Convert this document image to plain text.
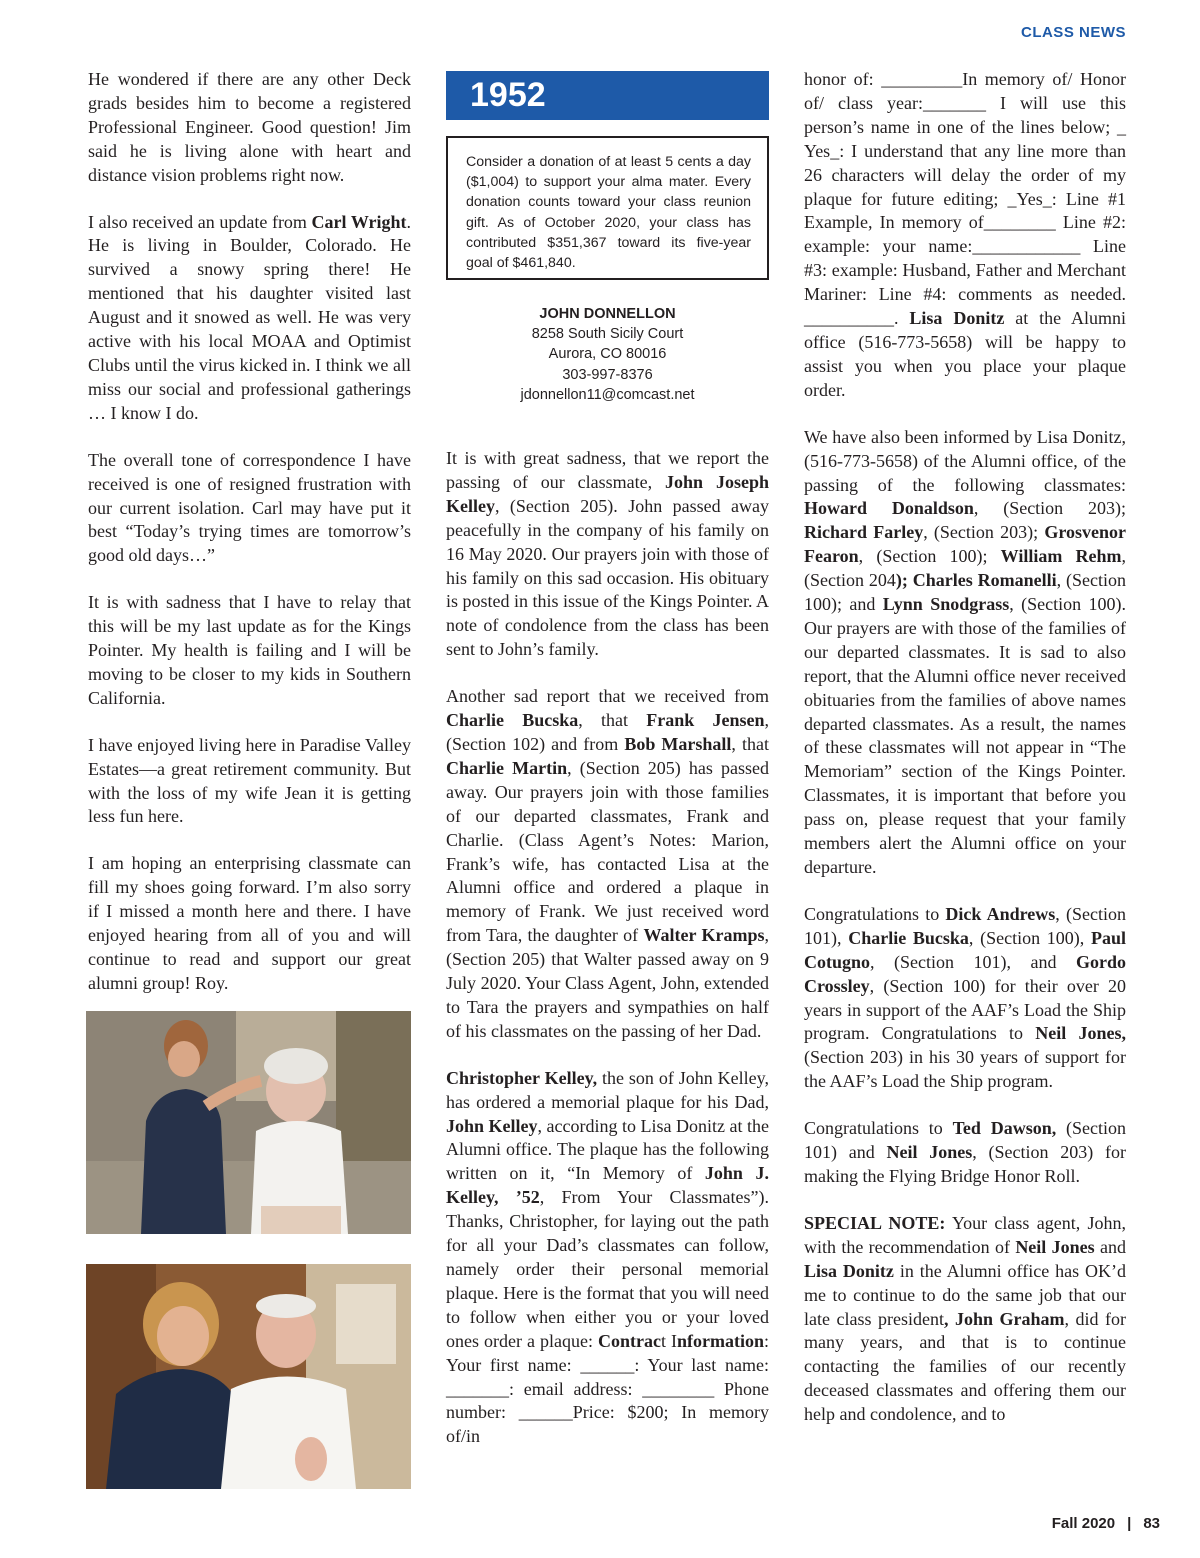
CLASS NEWS

He wondered if there are any other Deck grads besides him to become a registered Professional Engineer. Good question! Jim said he is living alone with heart and distance vision problems right now.

I also received an update from Carl Wright. He is living in Boulder, Colorado. He survived a snowy spring there! He mentioned that his daughter visited last August and it snowed as well. He was very active with his local MOAA and Optimist Clubs until the virus kicked in. I think we all miss our social and professional gatherings … I know I do.

The overall tone of correspondence I have received is one of resigned frustration with our current isolation. Carl may have put it best “Today’s trying times are tomorrow’s good old days…”

It is with sadness that I have to relay that this will be my last update as for the Kings Pointer. My health is failing and I will be moving to be closer to my kids in Southern California.

I have enjoyed living here in Paradise Valley Estates—a great retirement community. But with the loss of my wife Jean it is getting less fun here.

I am hoping an enterprising classmate can fill my shoes going forward. I’m also sorry if I missed a month here and there. I have enjoyed hearing from all of you and will continue to read and support our great alumni group! Roy.

1952
Consider a donation of at least 5 cents a day ($1,004) to support your alma mater. Every donation counts toward your class reunion gift. As of October 2020, your class has contributed $351,367 toward its five-year goal of $461,840.
JOHN DONNELLON
8258 South Sicily Court
Aurora, CO 80016
303-997-8376
jdonnellon11@comcast.net

It is with great sadness, that we report the passing of our classmate, John Joseph Kelley, (Section 205). John passed away peacefully in the company of his family on 16 May 2020. Our prayers join with those of his family on this sad occasion. His obituary is posted in this issue of the Kings Pointer. A note of condolence from the class has been sent to John’s family.

Another sad report that we received from Charlie Bucska, that Frank Jensen, (Section 102) and from Bob Marshall, that Charlie Martin, (Section 205) has passed away. Our prayers join with those families of our departed classmates, Frank and Charlie. (Class Agent’s Notes: Marion, Frank’s wife, has contacted Lisa at the Alumni office and ordered a plaque in memory of Frank. We just received word from Tara, the daughter of Walter Kramps, (Section 205) that Walter passed away on 9 July 2020. Your Class Agent, John, extended to Tara the prayers and sympathies on half of his classmates on the passing of her Dad.

Christopher Kelley, the son of John Kelley, has ordered a memorial plaque for his Dad, John Kelley, according to Lisa Donitz at the Alumni office. The plaque has the following written on it, “In Memory of John J. Kelley, ’52, From Your Classmates”). Thanks, Christopher, for laying out the path for all your Dad’s classmates can follow, namely order their personal memorial plaque. Here is the format that you will need to follow when either you or your loved ones order a plaque: Contract Information: Your first name: ______: Your last name: _______: email address: ________ Phone number: ______Price: $200; In memory of/in

honor of: _________In memory of/ Honor of/ class year:_______ I will use this person’s name in one of the lines below; _ Yes_: I understand that any line more than 26 characters will delay the order of my plaque for future editing; _Yes_: Line #1 Example, In memory of________ Line #2: example: your name:____________ Line #3: example: Husband, Father and Merchant Mariner: Line #4: comments as needed. __________. Lisa Donitz at the Alumni office (516-773-5658) will be happy to assist you when you place your plaque order.

We have also been informed by Lisa Donitz, (516-773-5658) of the Alumni office, of the passing of the following classmates: Howard Donaldson, (Section 203); Richard Farley, (Section 203); Grosvenor Fearon, (Section 100); William Rehm, (Section 204); Charles Romanelli, (Section 100); and Lynn Snodgrass, (Section 100). Our prayers are with those of the families of our departed classmates. It is sad to also report, that the Alumni office never received obituaries from the families of above names departed classmates. As a result, the names of these classmates will not appear in “The Memoriam” section of the Kings Pointer. Classmates, it is important that before you pass on, please request that your family members alert the Alumni office on your departure.

Congratulations to Dick Andrews, (Section 101), Charlie Bucska, (Section 100), Paul Cotugno, (Section 101), and Gordo Crossley, (Section 100) for their over 20 years in support of the AAF’s Load the Ship program. Congratulations to Neil Jones, (Section 203) in his 30 years of support for the AAF’s Load the Ship program.

Congratulations to Ted Dawson, (Section 101) and Neil Jones, (Section 203) for making the Flying Bridge Honor Roll.

SPECIAL NOTE: Your class agent, John, with the recommendation of Neil Jones and Lisa Donitz in the Alumni office has OK’d me to continue to do the same job that our late class president, John Graham, did for many years, and that is to continue contacting the families of our recently deceased classmates and offering them our help and condolence, and to

Fall 2020 | 83
